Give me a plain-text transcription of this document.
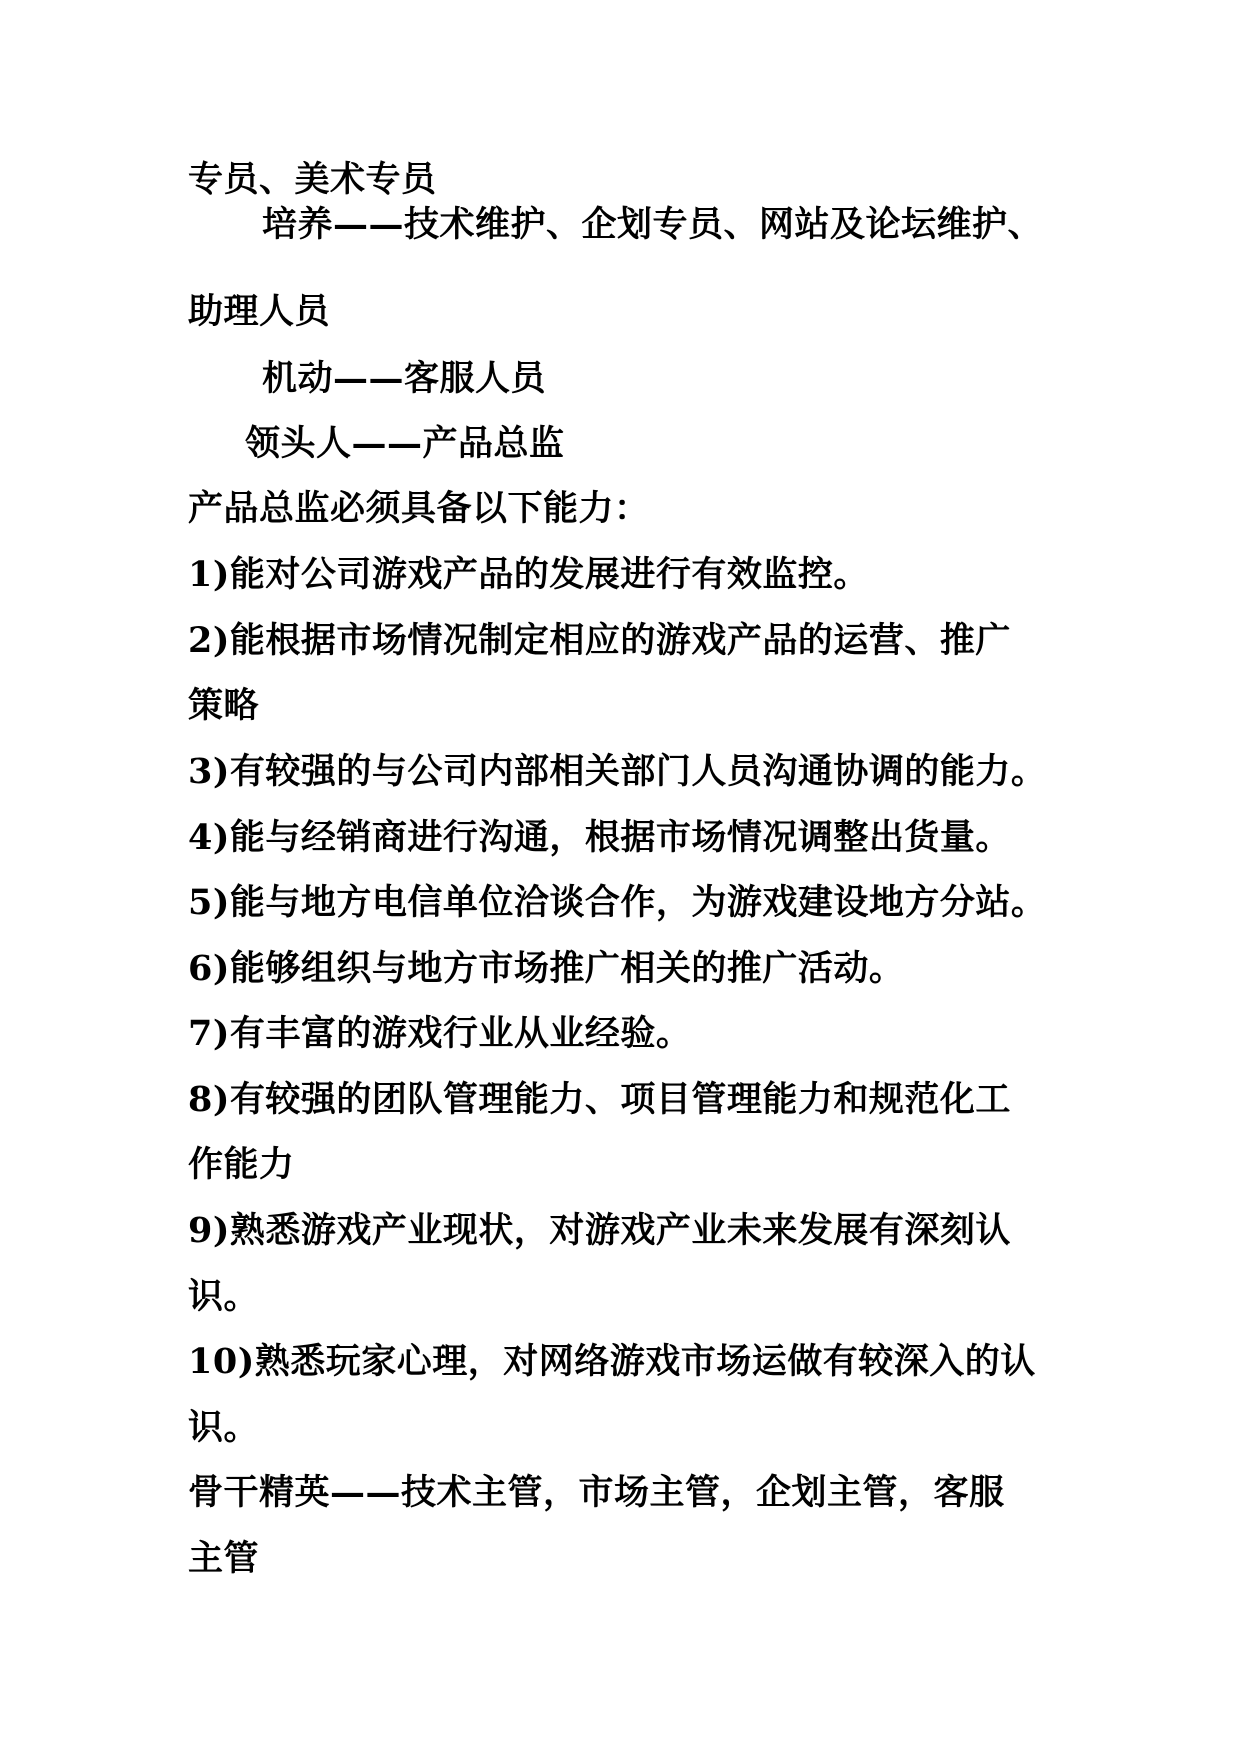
专员、美术专员
培养——技术维护、企划专员、网站及论坛维护、
助理人员
机动——客服人员
领头人——产品总监
产品总监必须具备以下能力：
1)能对公司游戏产品的发展进行有效监控。
2)能根据市场情况制定相应的游戏产品的运营、推广
策略
3)有较强的与公司内部相关部门人员沟通协调的能力。
4)能与经销商进行沟通，根据市场情况调整出货量。
5)能与地方电信单位洽谈合作，为游戏建设地方分站。
6)能够组织与地方市场推广相关的推广活动。
7)有丰富的游戏行业从业经验。
8)有较强的团队管理能力、项目管理能力和规范化工
作能力
9)熟悉游戏产业现状，对游戏产业未来发展有深刻认
识。
10)熟悉玩家心理，对网络游戏市场运做有较深入的认
识。
骨干精英——技术主管，市场主管，企划主管，客服
主管
